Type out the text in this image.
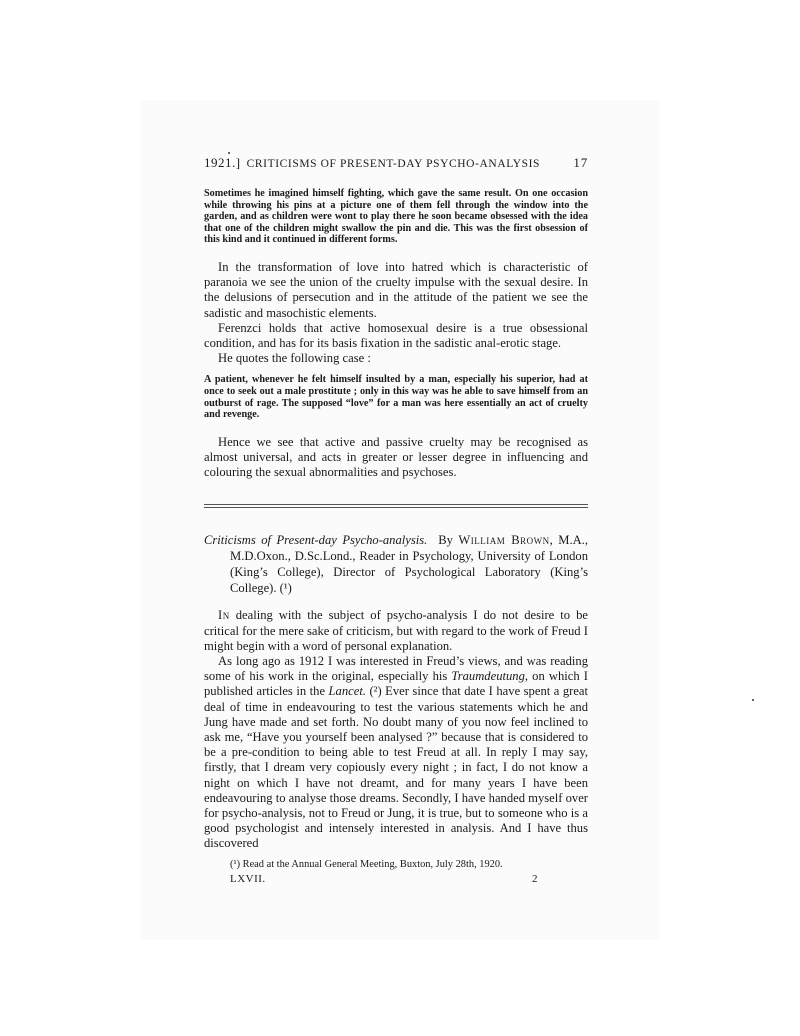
1921.] CRITICISMS OF PRESENT-DAY PSYCHO-ANALYSIS	17

Sometimes he imagined himself fighting, which gave the same result. On one occasion while throwing his pins at a picture one of them fell through the window into the garden, and as children were wont to play there he soon became obsessed with the idea that one of the children might swallow the pin and die. This was the first obsession of this kind and it continued in different forms.

In the transformation of love into hatred which is characteristic of paranoia we see the union of the cruelty impulse with the sexual desire. In the delusions of persecution and in the attitude of the patient we see the sadistic and masochistic elements.

Ferenzci holds that active homosexual desire is a true obsessional condition, and has for its basis fixation in the sadistic anal-erotic stage.

He quotes the following case :

A patient, whenever he felt himself insulted by a man, especially his superior, had at once to seek out a male prostitute ; only in this way was he able to save himself from an outburst of rage. The supposed “love” for a man was here essentially an act of cruelty and revenge.

Hence we see that active and passive cruelty may be recognised as almost universal, and acts in greater or lesser degree in influencing and colouring the sexual abnormalities and psychoses.

Criticisms of Present-day Psycho-analysis. By William Brown, M.A., M.D.Oxon., D.Sc.Lond., Reader in Psychology, University of London (King’s College), Director of Psychological Laboratory (King’s College). (¹)

In dealing with the subject of psycho-analysis I do not desire to be critical for the mere sake of criticism, but with regard to the work of Freud I might begin with a word of personal explanation.

As long ago as 1912 I was interested in Freud’s views, and was reading some of his work in the original, especially his Traumdeutung, on which I published articles in the Lancet. (²) Ever since that date I have spent a great deal of time in endeavouring to test the various statements which he and Jung have made and set forth. No doubt many of you now feel inclined to ask me, “Have you yourself been analysed ?” because that is considered to be a pre-condition to being able to test Freud at all. In reply I may say, firstly, that I dream very copiously every night ; in fact, I do not know a night on which I have not dreamt, and for many years I have been endeavouring to analyse those dreams. Secondly, I have handed myself over for psycho-analysis, not to Freud or Jung, it is true, but to someone who is a good psychologist and intensely interested in analysis. And I have thus discovered

(¹) Read at the Annual General Meeting, Buxton, July 28th, 1920.
LXVII.	2
